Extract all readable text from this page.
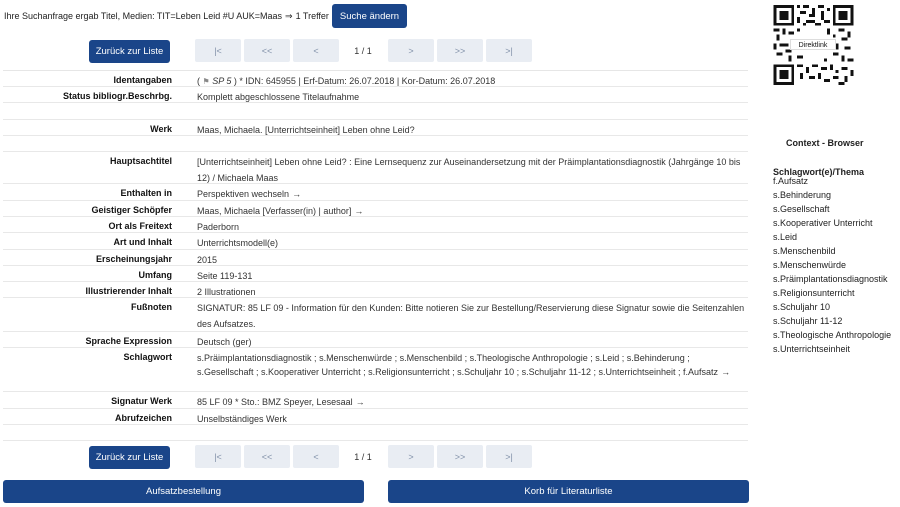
Ihre Suchanfrage ergab Titel, Medien: TIT=Leben Leid #U AUK=Maas ⇒ 1 Treffer	Suche ändern
Zurück zur Liste	|<	<<	<	1 / 1	>	>>	>|
Identangaben	( ⚑ SP 5 ) * IDN: 645955 | Erf-Datum: 26.07.2018 | Kor-Datum: 26.07.2018
Status bibliogr.Beschrbg.	Komplett abgeschlossene Titelaufnahme
Werk	Maas, Michaela. [Unterrichtseinheit] Leben ohne Leid?
Hauptsachtitel	[Unterrichtseinheit] Leben ohne Leid? : Eine Lernsequenz zur Auseinandersetzung mit der Präimplantationsdiagnostik (Jahrgänge 10 bis 12) / Michaela Maas
Enthalten in	Perspektiven wechseln →
Geistiger Schöpfer	Maas, Michaela [Verfasser(in) | author] →
Ort als Freitext	Paderborn
Art und Inhalt	Unterrichtsmodell(e)
Erscheinungsjahr	2015
Umfang	Seite 119-131
Illustrierender Inhalt	2 Illustrationen
Fußnoten	SIGNATUR: 85 LF 09 - Information für den Kunden: Bitte notieren Sie zur Bestellung/Reservierung diese Signatur sowie die Seitenzahlen des Aufsatzes.
Sprache Expression	Deutsch (ger)
Schlagwort	s.Präimplantationsdiagnostik ; s.Menschenwürde ; s.Menschenbild ; s.Theologische Anthropologie ; s.Leid ; s.Behinderung ; s.Gesellschaft ; s.Kooperativer Unterricht ; s.Religionsunterricht ; s.Schuljahr 10 ; s.Schuljahr 11-12 ; s.Unterrichtseinheit ; f.Aufsatz →
Signatur Werk	85 LF 09 * Sto.: BMZ Speyer, Lesesaal →
Abrufzeichen	Unselbständiges Werk
Zurück zur Liste	|<	<<	<	1 / 1	>	>>	>|
Aufsatzbestellung	Korb für Literaturliste
Direktlink
Context - Browser
Schlagwort(e)/Thema
f.Aufsatz
s.Behinderung
s.Gesellschaft
s.Kooperativer Unterricht
s.Leid
s.Menschenbild
s.Menschenwürde
s.Präimplantationsdiagnostik
s.Religionsunterricht
s.Schuljahr 10
s.Schuljahr 11-12
s.Theologische Anthropologie
s.Unterrichtseinheit
